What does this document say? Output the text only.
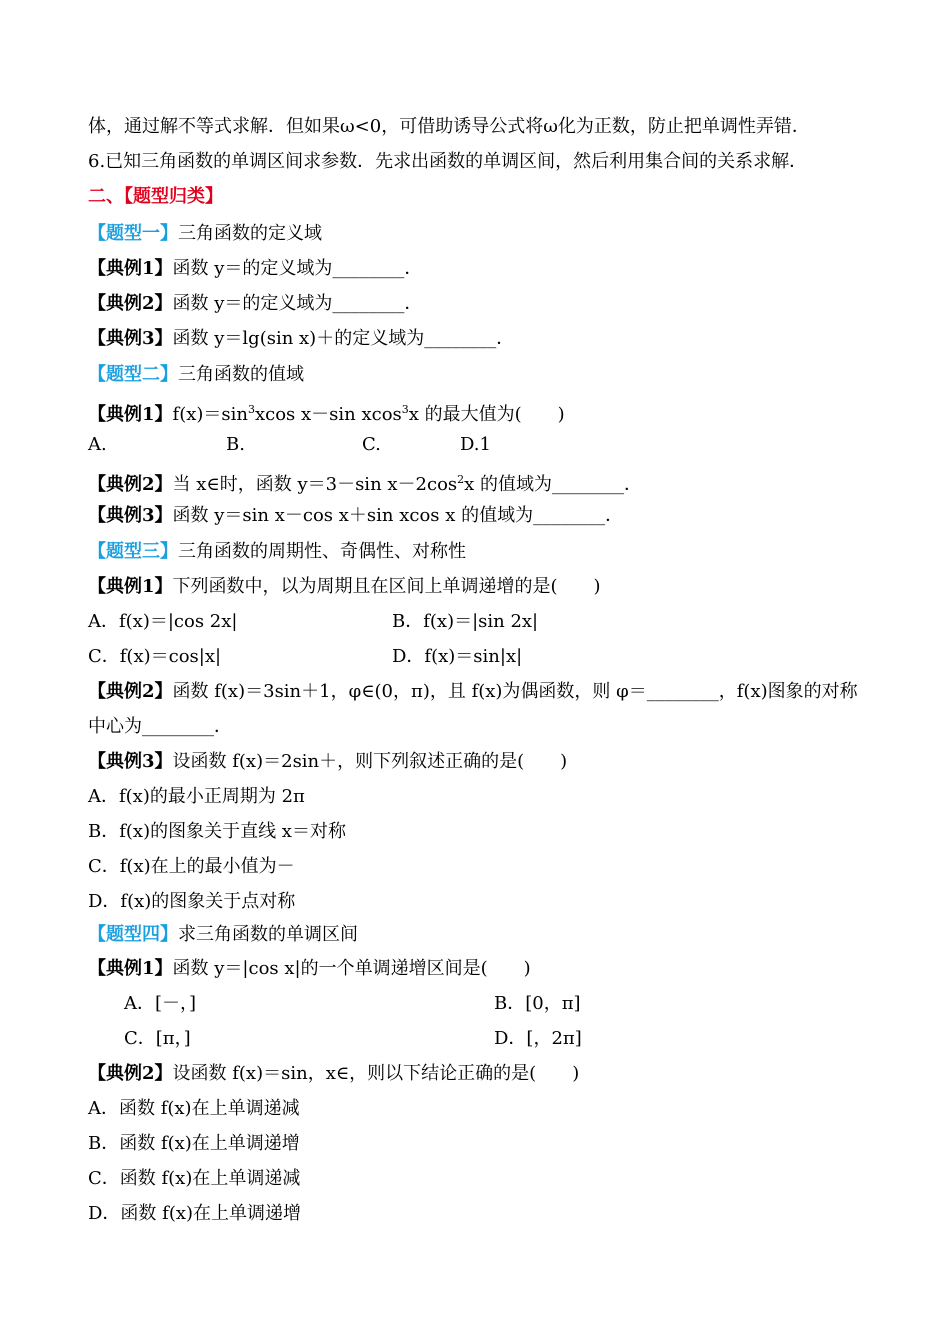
体，通过解不等式求解．但如果ω<0，可借助诱导公式将ω化为正数，防止把单调性弄错．
6.已知三角函数的单调区间求参数．先求出函数的单调区间，然后利用集合间的关系求解．
二、【题型归类】
【题型一】三角函数的定义域
【典例1】函数 y＝的定义域为________．
【典例2】函数 y＝的定义域为________．
【典例3】函数 y＝lg(sin x)＋的定义域为________．
【题型二】三角函数的值域
【典例1】$f(x)=\sin^3xcos$ x－sin xcos$^3$x 的最大值为(　　)
A.	B.	C.	D.1
【典例2】当 x∈时，函数 y＝3－sin $x-2\cos^2x$ 的值域为________．
【典例3】函数 y＝sin x－cos x＋sin xcos x 的值域为________．
【题型三】三角函数的周期性、奇偶性、对称性
【典例1】下列函数中，以为周期且在区间上单调递增的是(　　)
A．f(x)＝|cos 2x|	B．f(x)＝|sin 2x|
C．f(x)＝cos|x|	D．f(x)＝sin|x|
【典例2】函数 f(x)＝3sin＋1，φ∈(0，π)，且 f(x)为偶函数，则 φ＝________，f(x)图象的对称
中心为________．
【典例3】设函数 f(x)＝2sin＋，则下列叙述正确的是(　　)
A．f(x)的最小正周期为 2π
B．f(x)的图象关于直线 x＝对称
C．f(x)在上的最小值为－
D．f(x)的图象关于点对称
【题型四】求三角函数的单调区间
【典例1】函数 y＝|cos x|的一个单调递增区间是(　　)
A．[－，]	B．[0，π]
C．[π，]	D．[，2π]
【典例2】设函数 f(x)＝sin，x∈，则以下结论正确的是(　　)
A．函数 f(x)在上单调递减
B．函数 f(x)在上单调递增
C．函数 f(x)在上单调递减
D．函数 f(x)在上单调递增
